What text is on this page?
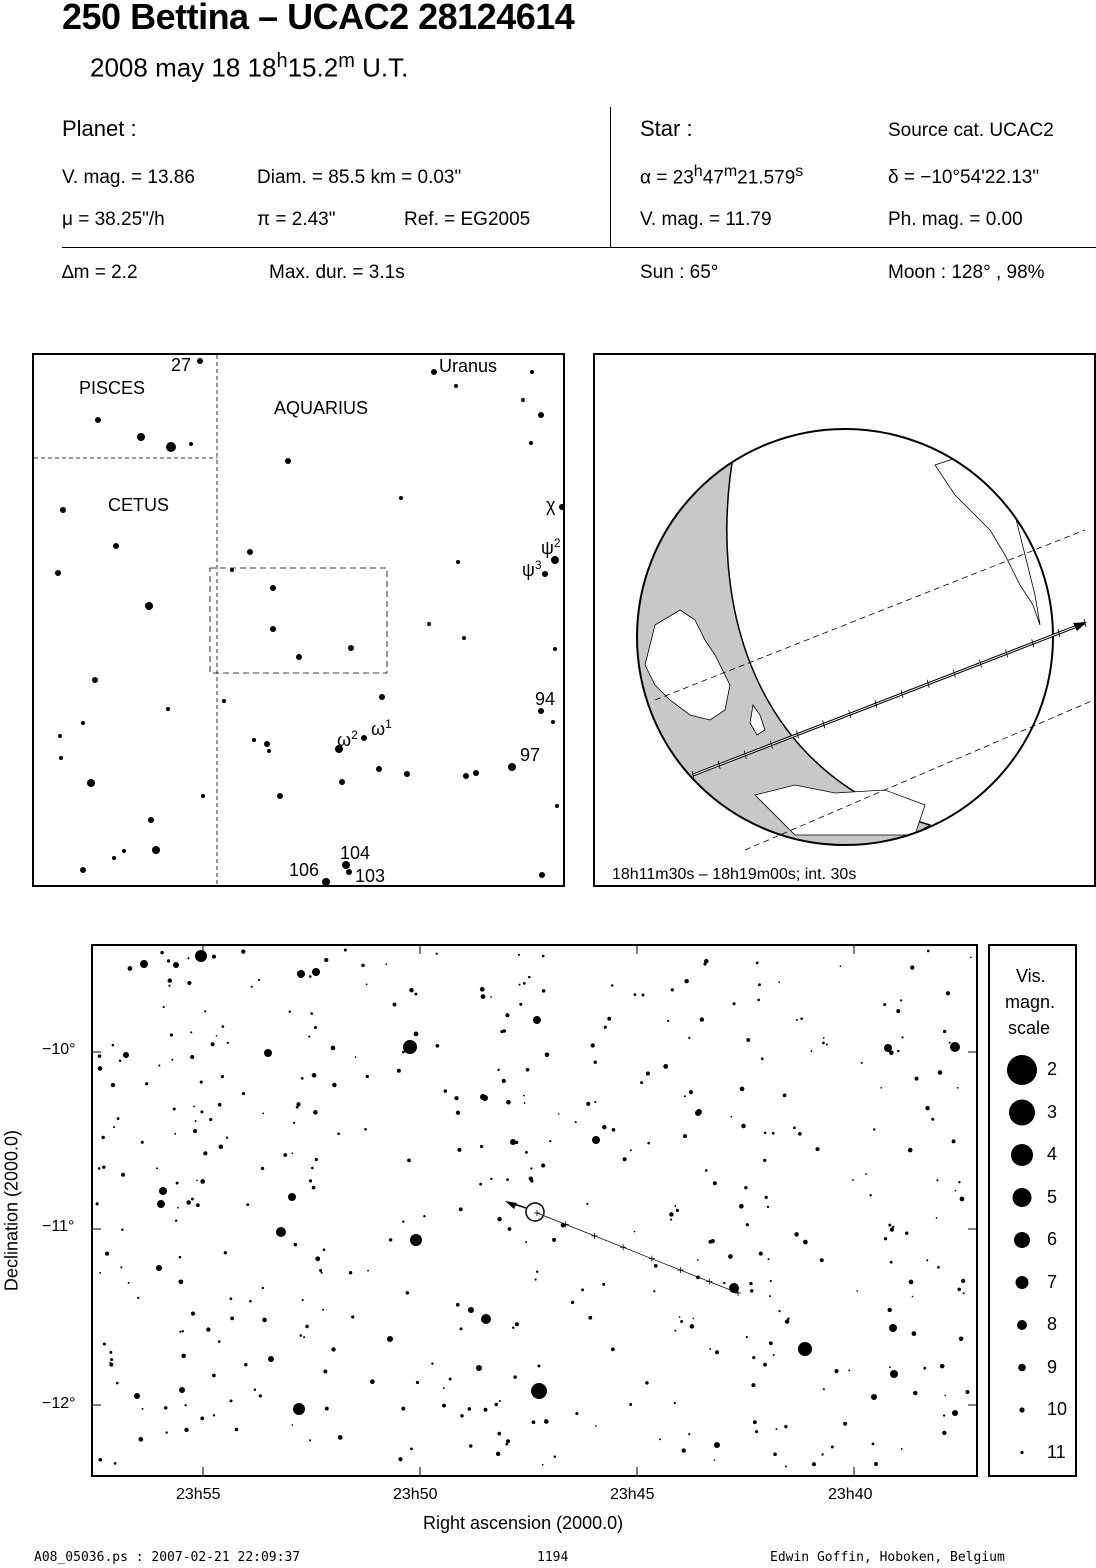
250 Bettina – UCAC2 28124614
2008 may 18 18$^h$15.2$^m$ U.T.
Planet :
V. mag. = 13.86	Diam. = 85.5 km = 0.03"
μ = 38.25"/h	π = 2.43"	Ref. = EG2005
Star :	Source cat. UCAC2
$\alpha = 23^h47^m21.579^s$	δ = −10°54'22.13"
V. mag. = 11.79	Ph. mag. = 0.00
∆m = 2.2	Max. dur. = 3.1s	Sun : 65°	Moon : 128° , 98%
PISCES
AQUARIUS
CETUS
27	Uranus
χ
$\psi^2$
$\psi^3$
94
97
$\omega^2$ $\omega^1$
104
106 103	18h11m30s – 18h19m00s; int. 30s
−10°
−11°
−12°
23h55	23h50	23h45	23h40
Declination (2000.0)
Right ascension (2000.0)
Vis.
magn.
scale
2
3
4
5
6
7
8
9
10
11
A08_05036.ps : 2007-02-21 22:09:37	1194	Edwin Goffin, Hoboken, Belgium
